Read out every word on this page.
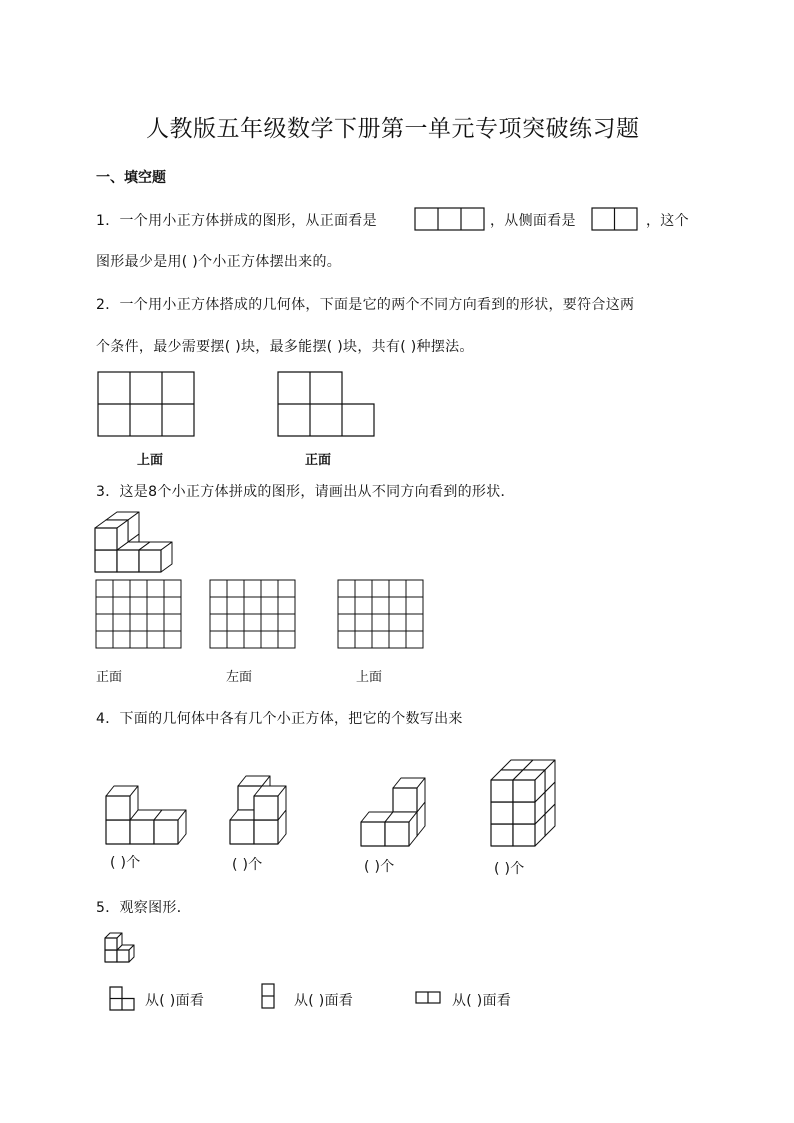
人教版五年级数学下册第一单元专项突破练习题
一、填空题
1．一个用小正方体拼成的图形，从正面看是	，从侧面看是	，这个
图形最少是用( )个小正方体摆出来的。
2．一个用小正方体搭成的几何体，下面是它的两个不同方向看到的形状，要符合这两
个条件，最少需要摆( )块，最多能摆( )块，共有( )种摆法。
上面	正面
3．这是8个小正方体拼成的图形，请画出从不同方向看到的形状．
正面	左面	上面
4．下面的几何体中各有几个小正方体，把它的个数写出来
( )个	( )个	( )个	( )个
5．观察图形．
从( )面看	从( )面看	从( )面看
